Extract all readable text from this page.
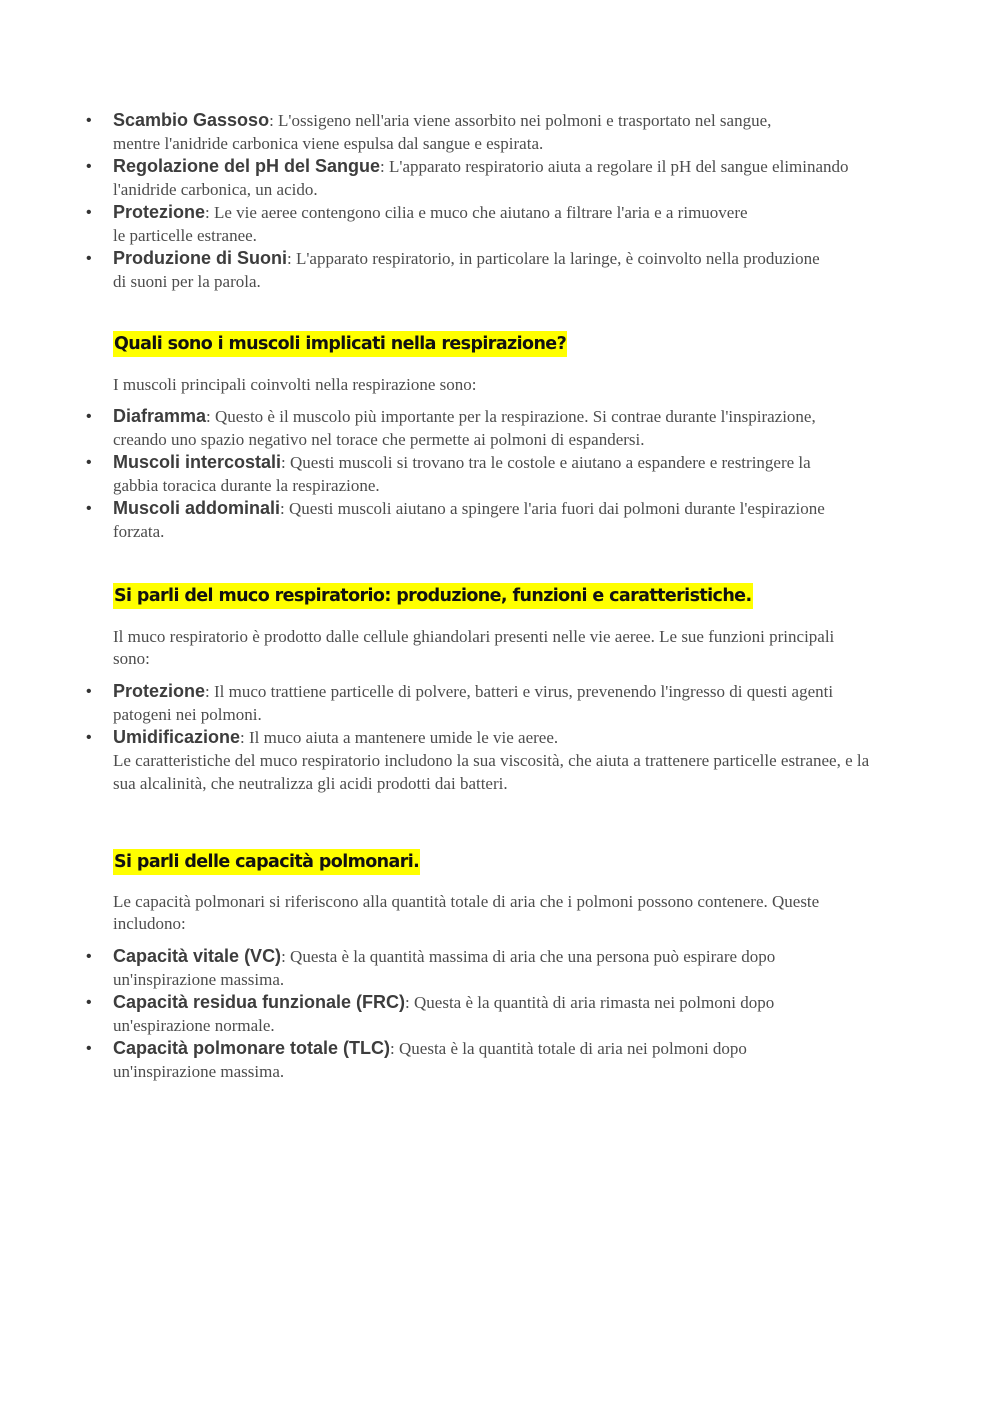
• Scambio Gassoso: L'ossigeno nell'aria viene assorbito nei polmoni e trasportato nel sangue, mentre l'anidride carbonica viene espulsa dal sangue e espirata.
• Regolazione del pH del Sangue: L'apparato respiratorio aiuta a regolare il pH del sangue eliminando l'anidride carbonica, un acido.
• Protezione: Le vie aeree contengono cilia e muco che aiutano a filtrare l'aria e a rimuovere le particelle estranee.
• Produzione di Suoni: L'apparato respiratorio, in particolare la laringe, è coinvolto nella produzione di suoni per la parola.
Quali sono i muscoli implicati nella respirazione?
I muscoli principali coinvolti nella respirazione sono:
• Diaframma: Questo è il muscolo più importante per la respirazione. Si contrae durante l'inspirazione, creando uno spazio negativo nel torace che permette ai polmoni di espandersi.
• Muscoli intercostali: Questi muscoli si trovano tra le costole e aiutano a espandere e restringere la gabbia toracica durante la respirazione.
• Muscoli addominali: Questi muscoli aiutano a spingere l'aria fuori dai polmoni durante l'espirazione forzata.
Si parli del muco respiratorio: produzione, funzioni e caratteristiche.
Il muco respiratorio è prodotto dalle cellule ghiandolari presenti nelle vie aeree. Le sue funzioni principali sono:
• Protezione: Il muco trattiene particelle di polvere, batteri e virus, prevenendo l'ingresso di questi agenti patogeni nei polmoni.
• Umidificazione: Il muco aiuta a mantenere umide le vie aeree.
Le caratteristiche del muco respiratorio includono la sua viscosità, che aiuta a trattenere particelle estranee, e la sua alcalinità, che neutralizza gli acidi prodotti dai batteri.
Si parli delle capacità polmonari.
Le capacità polmonari si riferiscono alla quantità totale di aria che i polmoni possono contenere. Queste includono:
• Capacità vitale (VC): Questa è la quantità massima di aria che una persona può espirare dopo un'inspirazione massima.
• Capacità residua funzionale (FRC): Questa è la quantità di aria rimasta nei polmoni dopo un'espirazione normale.
• Capacità polmonare totale (TLC): Questa è la quantità totale di aria nei polmoni dopo un'inspirazione massima.
